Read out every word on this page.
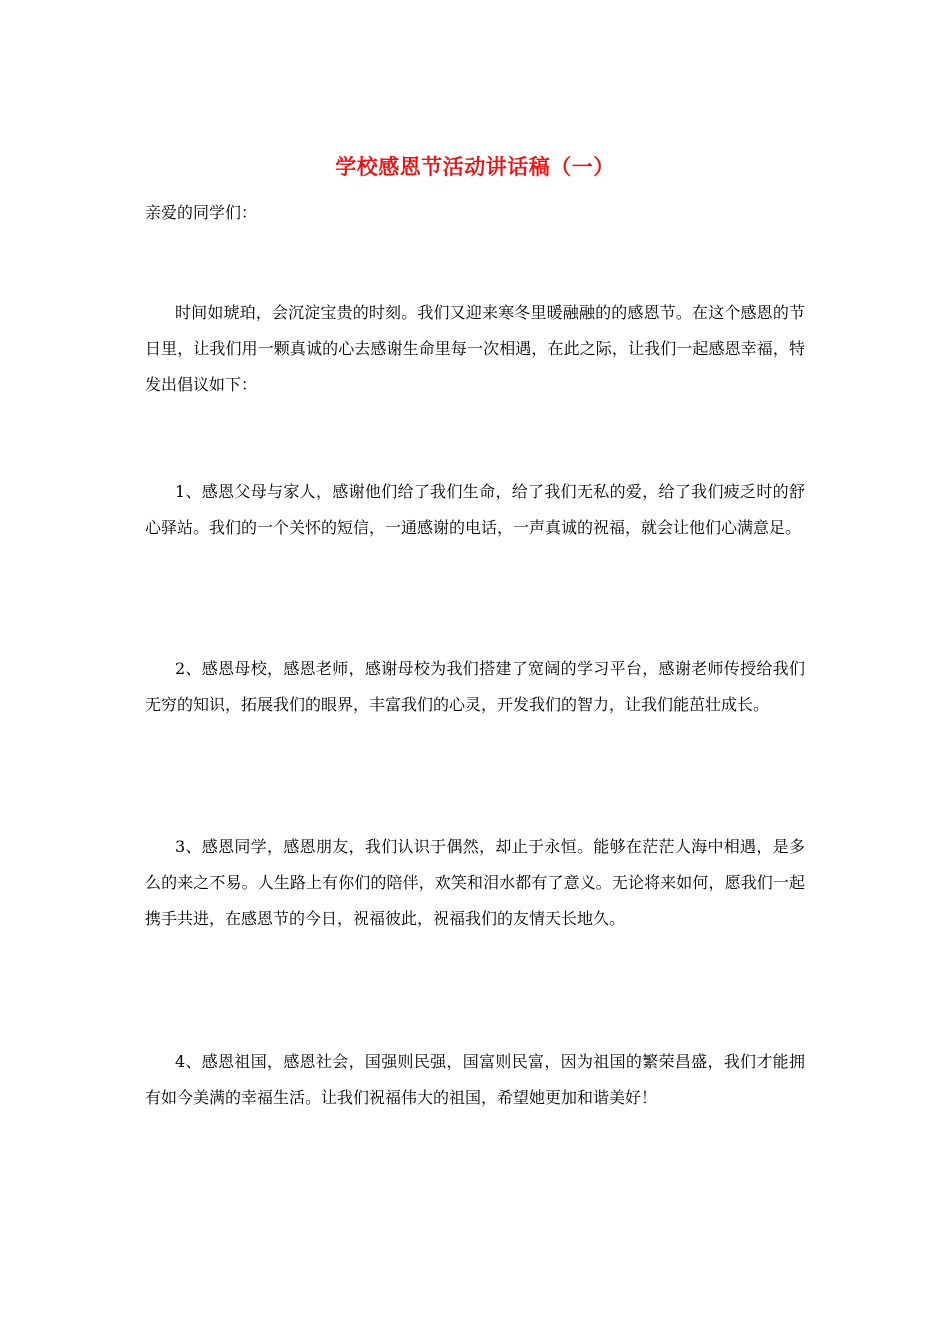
学校感恩节活动讲话稿（一）
亲爱的同学们：

时间如琥珀，会沉淀宝贵的时刻。我们又迎来寒冬里暖融融的的感恩节。在这个感恩的节日里，让我们用一颗真诚的心去感谢生命里每一次相遇，在此之际，让我们一起感恩幸福，特发出倡议如下：

1、感恩父母与家人，感谢他们给了我们生命，给了我们无私的爱，给了我们疲乏时的舒心驿站。我们的一个关怀的短信，一通感谢的电话，一声真诚的祝福，就会让他们心满意足。

2、感恩母校，感恩老师，感谢母校为我们搭建了宽阔的学习平台，感谢老师传授给我们无穷的知识，拓展我们的眼界，丰富我们的心灵，开发我们的智力，让我们能茁壮成长。

3、感恩同学，感恩朋友，我们认识于偶然，却止于永恒。能够在茫茫人海中相遇，是多么的来之不易。人生路上有你们的陪伴，欢笑和泪水都有了意义。无论将来如何，愿我们一起携手共进，在感恩节的今日，祝福彼此，祝福我们的友情天长地久。

4、感恩祖国，感恩社会，国强则民强，国富则民富，因为祖国的繁荣昌盛，我们才能拥有如今美满的幸福生活。让我们祝福伟大的祖国，希望她更加和谐美好！
